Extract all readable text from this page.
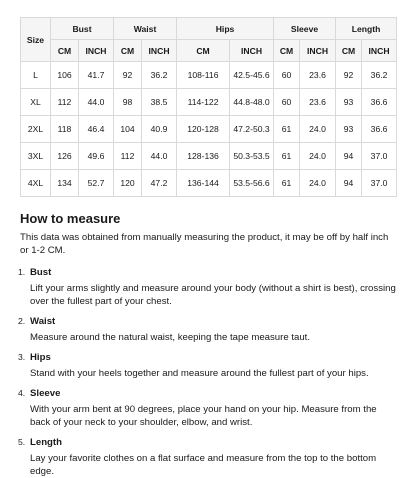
Size	Bust		Waist		Hips		Sleeve		Length	
	CM	INCH	CM	INCH	CM	INCH	CM	INCH	CM	INCH
L	106	41.7	92	36.2	108-116	42.5-45.6	60	23.6	92	36.2
XL	112	44.0	98	38.5	114-122	44.8-48.0	60	23.6	93	36.6
2XL	118	46.4	104	40.9	120-128	47.2-50.3	61	24.0	93	36.6
3XL	126	49.6	112	44.0	128-136	50.3-53.5	61	24.0	94	37.0
4XL	134	52.7	120	47.2	136-144	53.5-56.6	61	24.0	94	37.0
How to measure

This data was obtained from manually measuring the product, it may be off by half inch or 1-2 CM.

1. Bust
Lift your arms slightly and measure around your body (without a shirt is best), crossing over the fullest part of your chest.
2. Waist
Measure around the natural waist, keeping the tape measure taut.
3. Hips
Stand with your heels together and measure around the fullest part of your hips.
4. Sleeve
With your arm bent at 90 degrees, place your hand on your hip. Measure from the back of your neck to your shoulder, elbow, and wrist.
5. Length
Lay your favorite clothes on a flat surface and measure from the top to the bottom edge.
